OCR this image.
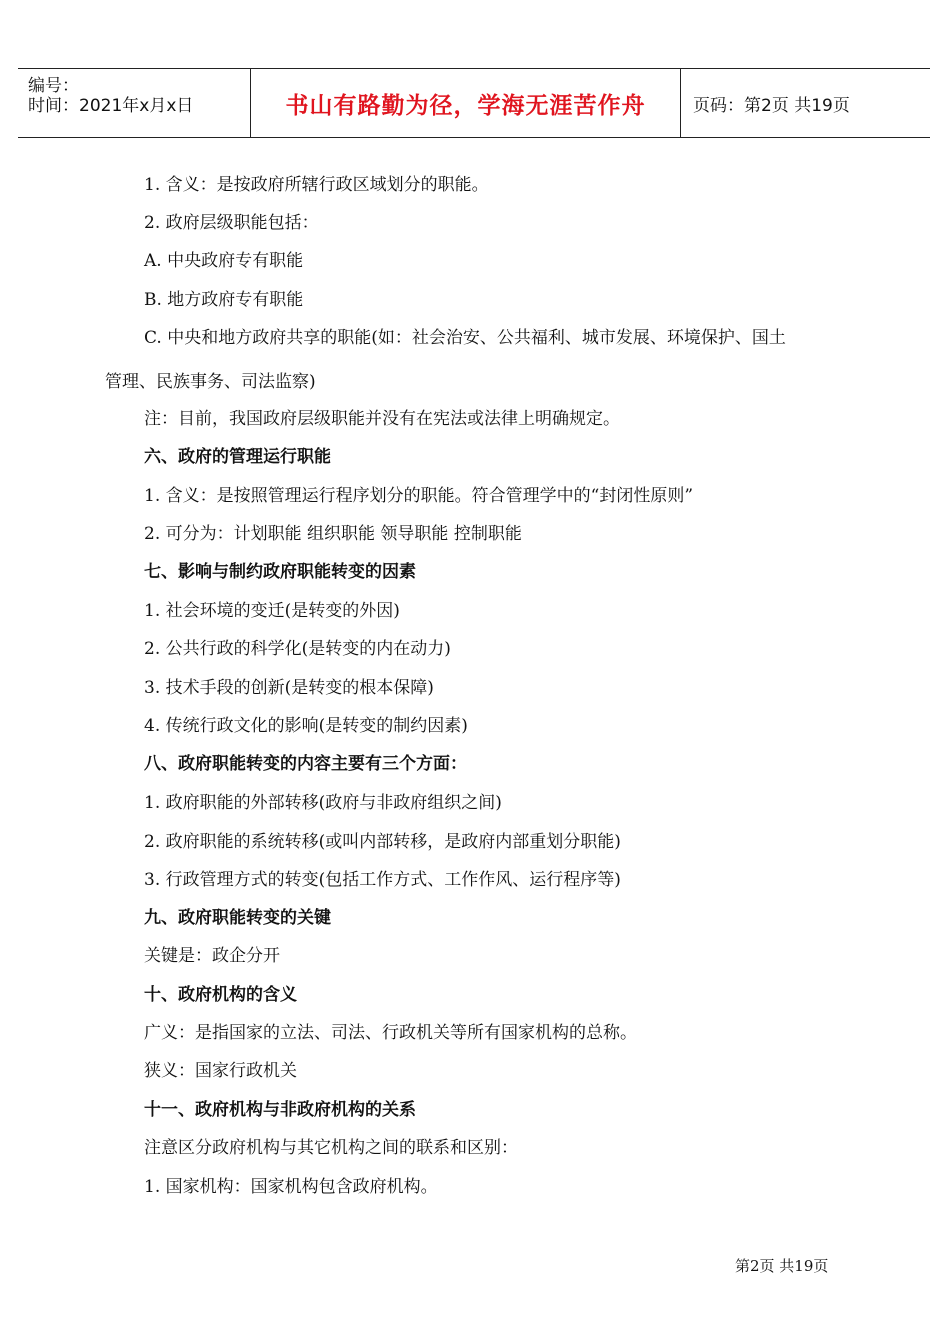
编号：
时间：2021年x月x日	书山有路勤为径，学海无涯苦作舟	页码：第2页 共19页
1. 含义：是按政府所辖行政区域划分的职能。
2. 政府层级职能包括：
A. 中央政府专有职能
B. 地方政府专有职能
C. 中央和地方政府共享的职能(如：社会治安、公共福利、城市发展、环境保护、国土
管理、民族事务、司法监察)
注：目前，我国政府层级职能并没有在宪法或法律上明确规定。
六、政府的管理运行职能
1. 含义：是按照管理运行程序划分的职能。符合管理学中的“封闭性原则”
2. 可分为：计划职能 组织职能 领导职能 控制职能
七、影响与制约政府职能转变的因素
1. 社会环境的变迁(是转变的外因)
2. 公共行政的科学化(是转变的内在动力)
3. 技术手段的创新(是转变的根本保障)
4. 传统行政文化的影响(是转变的制约因素)
八、政府职能转变的内容主要有三个方面：
1. 政府职能的外部转移(政府与非政府组织之间)
2. 政府职能的系统转移(或叫内部转移，是政府内部重划分职能)
3. 行政管理方式的转变(包括工作方式、工作作风、运行程序等)
九、政府职能转变的关键
关键是：政企分开
十、政府机构的含义
广义：是指国家的立法、司法、行政机关等所有国家机构的总称。
狭义：国家行政机关
十一、政府机构与非政府机构的关系
注意区分政府机构与其它机构之间的联系和区别：
1. 国家机构：国家机构包含政府机构。
第2页 共19页
